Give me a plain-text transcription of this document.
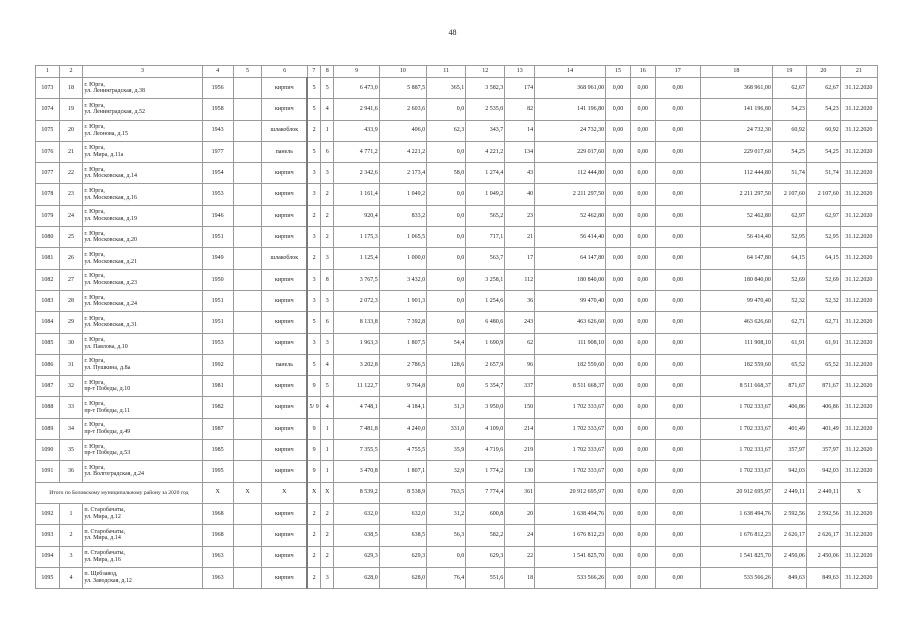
48
1	2	3	4	5	6	7	8	9	10	11	12	13	14	15	16	17	18	19	20	21
1073	18	г. Юрга,
ул. Ленинградская, д.38	1956		кирпич	5	5	6 473,0	5 887,5	365,1	3 582,3	174	368 961,00	0,00	0,00	0,00	368 961,00	62,67	62,67	31.12.2020
1074	19	г. Юрга,
ул. Ленинградская, д.52	1958		кирпич	5	4	2 941,6	2 603,6	0,0	2 535,0	82	141 196,80	0,00	0,00	0,00	141 196,80	54,23	54,23	31.12.2020
1075	20	г. Юрга,
ул. Леонова, д.15	1943		шлакоблок	2	1	433,9	406,0	62,3	343,7	14	24 732,30	0,00	0,00	0,00	24 732,30	60,92	60,92	31.12.2020
1076	21	г. Юрга,
ул. Мира, д.11а	1977		панель	5	6	4 771,2	4 221,2	0,0	4 221,2	134	229 017,60	0,00	0,00	0,00	229 017,60	54,25	54,25	31.12.2020
1077	22	г. Юрга,
ул. Московская, д.14	1954		кирпич	3	3	2 342,6	2 173,4	58,0	1 274,4	43	112 444,80	0,00	0,00	0,00	112 444,80	51,74	51,74	31.12.2020
1078	23	г. Юрга,
ул. Московская, д.16	1953		кирпич	3	2	1 161,4	1 049,2	0,0	1 049,2	40	2 211 297,50	0,00	0,00	0,00	2 211 297,50	2 107,60	2 107,60	31.12.2020
1079	24	г. Юрга,
ул. Московская, д.19	1946		кирпич	2	2	920,4	833,2	0,0	565,2	23	52 462,80	0,00	0,00	0,00	52 462,80	62,97	62,97	31.12.2020
1080	25	г. Юрга,
ул. Московская, д.20	1951		кирпич	3	2	1 175,3	1 065,5	0,0	717,1	21	56 414,40	0,00	0,00	0,00	56 414,40	52,95	52,95	31.12.2020
1081	26	г. Юрга,
ул. Московская, д.21	1949		шлакоблок	2	3	1 125,4	1 000,0	0,0	563,7	17	64 147,80	0,00	0,00	0,00	64 147,80	64,15	64,15	31.12.2020
1082	27	г. Юрга,
ул. Московская, д.23	1950		кирпич	3	8	3 767,5	3 432,0	0,0	3 258,1	112	180 840,00	0,00	0,00	0,00	180 840,00	52,69	52,69	31.12.2020
1083	28	г. Юрга,
ул. Московская, д.24	1951		кирпич	3	3	2 072,3	1 901,3	0,0	1 254,6	36	99 470,40	0,00	0,00	0,00	99 470,40	52,32	52,32	31.12.2020
1084	29	г. Юрга,
ул. Московская, д.31	1951		кирпич	5	6	8 133,8	7 392,8	0,0	6 480,6	243	463 626,60	0,00	0,00	0,00	463 626,60	62,71	62,71	31.12.2020
1085	30	г. Юрга,
ул. Павлова, д.10	1953		кирпич	3	3	1 963,3	1 807,5	54,4	1 690,9	62	111 908,10	0,00	0,00	0,00	111 908,10	61,91	61,91	31.12.2020
1086	31	г. Юрга,
ул. Пушкина, д.8а	1992		панель	5	4	3 202,8	2 786,5	128,6	2 657,9	96	182 559,60	0,00	0,00	0,00	182 559,60	65,52	65,52	31.12.2020
1087	32	г. Юрга,
пр-т Победы, д.10	1981		кирпич	9	5	11 122,7	9 764,8	0,0	5 354,7	337	8 511 668,37	0,00	0,00	0,00	8 511 668,37	871,67	871,67	31.12.2020
1088	33	г. Юрга,
пр-т Победы, д.11	1982		кирпич	5/ 9	4	4 748,1	4 184,1	31,3	3 950,0	150	1 702 333,67	0,00	0,00	0,00	1 702 333,67	406,86	406,86	31.12.2020
1089	34	г. Юрга,
пр-т Победы, д.49	1987		кирпич	9	1	7 481,8	4 240,0	331,0	4 109,0	214	1 702 333,67	0,00	0,00	0,00	1 702 333,67	401,49	401,49	31.12.2020
1090	35	г. Юрга,
пр-т Победы, д.53	1985		кирпич	9	1	7 355,5	4 755,5	35,9	4 719,6	219	1 702 333,67	0,00	0,00	0,00	1 702 333,67	357,97	357,97	31.12.2020
1091	36	г. Юрга,
ул. Волгоградская, д.24	1995		кирпич	9	1	3 470,8	1 807,1	32,9	1 774,2	130	1 702 333,67	0,00	0,00	0,00	1 702 333,67	942,03	942,03	31.12.2020
Итого по Беловскому муниципальному району за 2020 год			X	X	X	X	X	8 539,2	8 538,9	763,5	7 774,4	361	20 912 695,97	0,00	0,00	0,00	20 912 695,97	2 449,11	2 449,11	X
1092	1	п. Старобачаты,
ул. Мира, д.12	1968		кирпич	2	2	632,0	632,0	31,2	600,8	20	1 638 494,76	0,00	0,00	0,00	1 638 494,76	2 592,56	2 592,56	31.12.2020
1093	2	п. Старобачаты,
ул. Мира, д.14	1968		кирпич	2	2	638,5	638,5	56,3	582,2	24	1 676 812,23	0,00	0,00	0,00	1 676 812,23	2 626,17	2 626,17	31.12.2020
1094	3	п. Старобачаты,
ул. Мира, д.16	1963		кирпич	2	2	629,3	629,3	0,0	629,3	22	1 541 825,70	0,00	0,00	0,00	1 541 825,70	2 450,06	2 450,06	31.12.2020
1095	4	п. Щебзавод,
ул. Заводская, д.12	1963		кирпич	2	3	628,0	628,0	76,4	551,6	18	533 566,26	0,00	0,00	0,00	533 566,26	849,63	849,63	31.12.2020
